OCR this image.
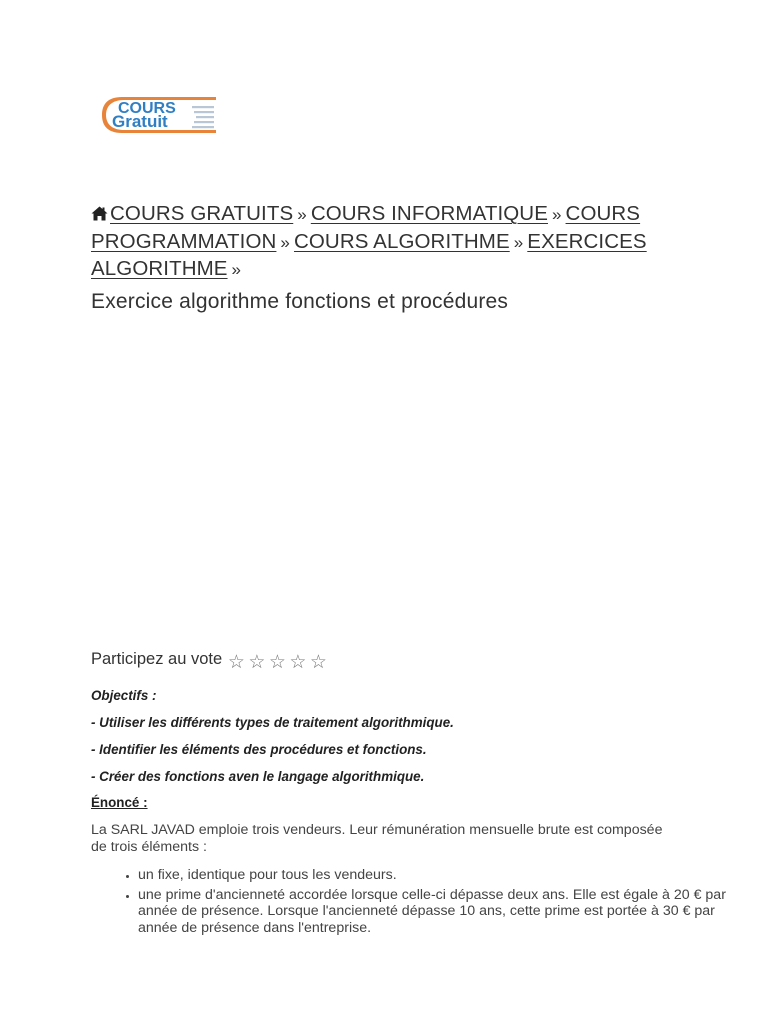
COURS
Gratuit
COURS GRATUITS » COURS INFORMATIQUE » COURS PROGRAMMATION » COURS ALGORITHME » EXERCICES ALGORITHME »
Exercice algorithme fonctions et procédures
Participez au vote ☆ ☆ ☆ ☆ ☆
Objectifs :
- Utiliser les différents types de traitement algorithmique.
- Identifier les éléments des procédures et fonctions.
- Créer des fonctions aven le langage algorithmique.
Énoncé :

La SARL JAVAD emploie trois vendeurs. Leur rémunération mensuelle brute est composée de trois éléments :

• un fixe, identique pour tous les vendeurs.
• une prime d'ancienneté accordée lorsque celle-ci dépasse deux ans. Elle est égale à 20 € par année de présence. Lorsque l'ancienneté dépasse 10 ans, cette prime est portée à 30 € par année de présence dans l'entreprise.
